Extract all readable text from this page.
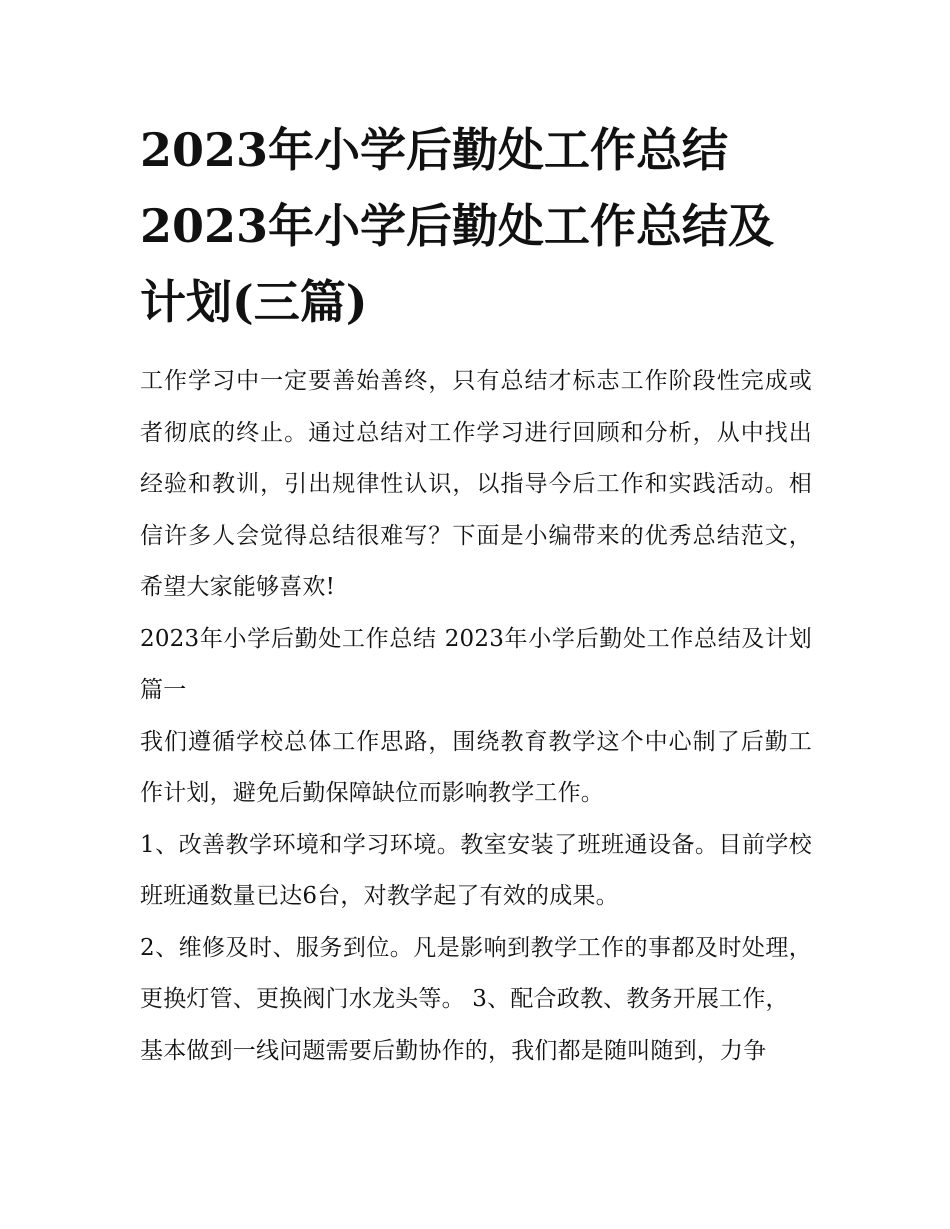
2023年小学后勤处工作总结 2023年小学后勤处工作总结及计划(三篇)

工作学习中一定要善始善终，只有总结才标志工作阶段性完成或者彻底的终止。通过总结对工作学习进行回顾和分析，从中找出经验和教训，引出规律性认识，以指导今后工作和实践活动。相信许多人会觉得总结很难写？下面是小编带来的优秀总结范文，希望大家能够喜欢!

2023年小学后勤处工作总结 2023年小学后勤处工作总结及计划篇一

我们遵循学校总体工作思路，围绕教育教学这个中心制了后勤工作计划，避免后勤保障缺位而影响教学工作。

1、改善教学环境和学习环境。教室安装了班班通设备。目前学校班班通数量已达6台，对教学起了有效的成果。

2、维修及时、服务到位。凡是影响到教学工作的事都及时处理，更换灯管、更换阀门水龙头等。 3、配合政教、教务开展工作，

基本做到一线问题需要后勤协作的，我们都是随叫随到，力争
